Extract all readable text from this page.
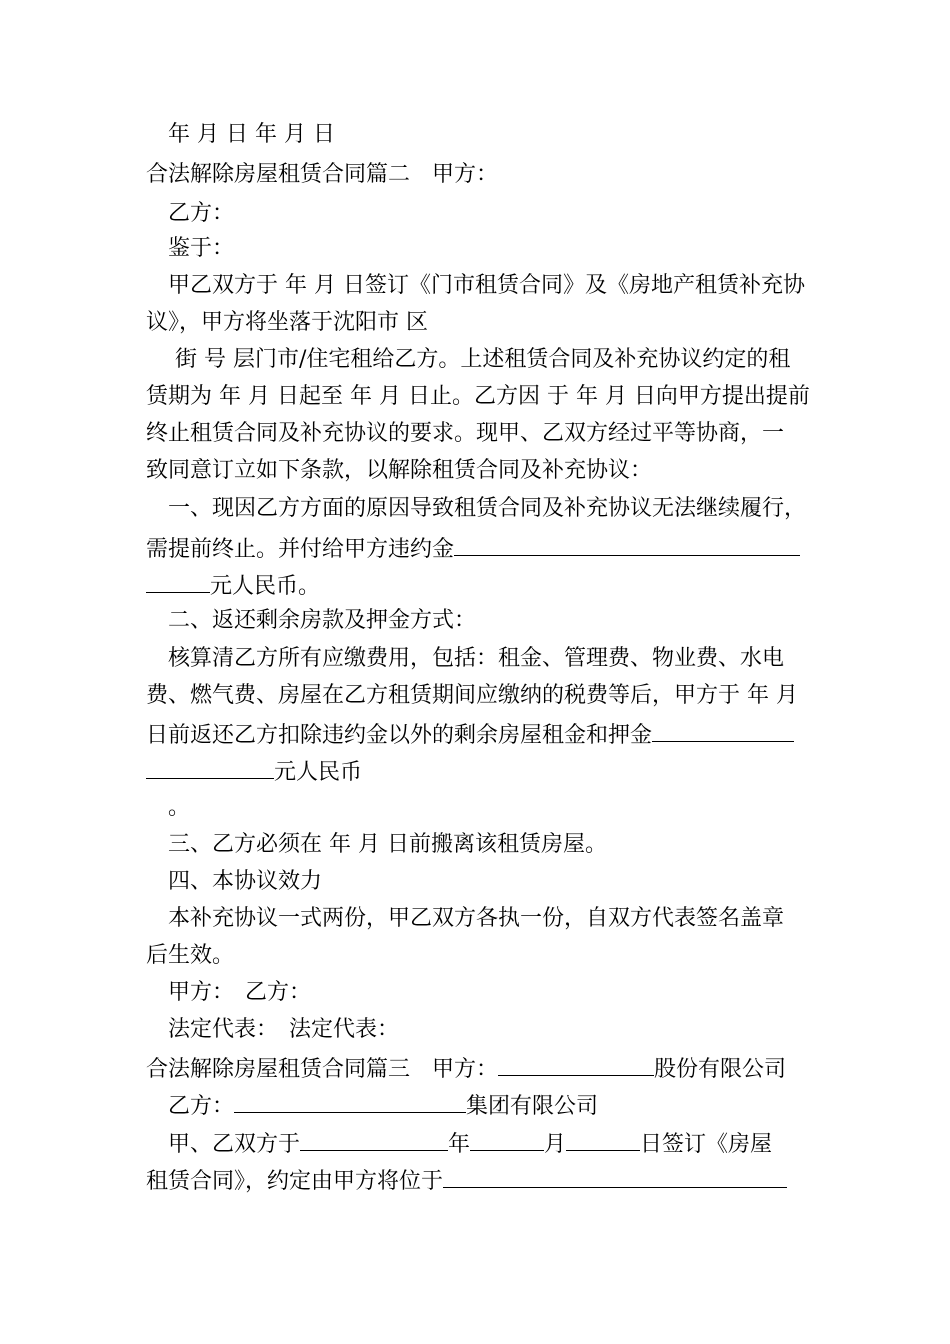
　年 月 日 年 月 日
合法解除房屋租赁合同篇二　甲方：
　乙方：
　鉴于：
　甲乙双方于 年 月 日签订《门市租赁合同》及《房地产租赁补充协
议》，甲方将坐落于沈阳市 区
　 街 号 层门市/住宅租给乙方。上述租赁合同及补充协议约定的租
赁期为 年 月 日起至 年 月 日止。乙方因 于 年 月 日向甲方提出提前
终止租赁合同及补充协议的要求。现甲、乙双方经过平等协商，一
致同意订立如下条款，以解除租赁合同及补充协议：
　一、现因乙方方面的原因导致租赁合同及补充协议无法继续履行，
需提前终止。并付给甲方违约金
元人民币。
　二、返还剩余房款及押金方式：
　核算清乙方所有应缴费用，包括：租金、管理费、物业费、水电
费、燃气费、房屋在乙方租赁期间应缴纳的税费等后，甲方于 年 月
日前返还乙方扣除违约金以外的剩余房屋租金和押金
元人民币
　。
　三、乙方必须在 年 月 日前搬离该租赁房屋。
　四、本协议效力
　本补充协议一式两份，甲乙双方各执一份，自双方代表签名盖章
后生效。
　甲方：　乙方：
　法定代表：　法定代表：
合法解除房屋租赁合同篇三　甲方：	股份有限公司
　乙方：	集团有限公司
　甲、乙双方于	年	月	日签订《房屋
租赁合同》，约定由甲方将位于
